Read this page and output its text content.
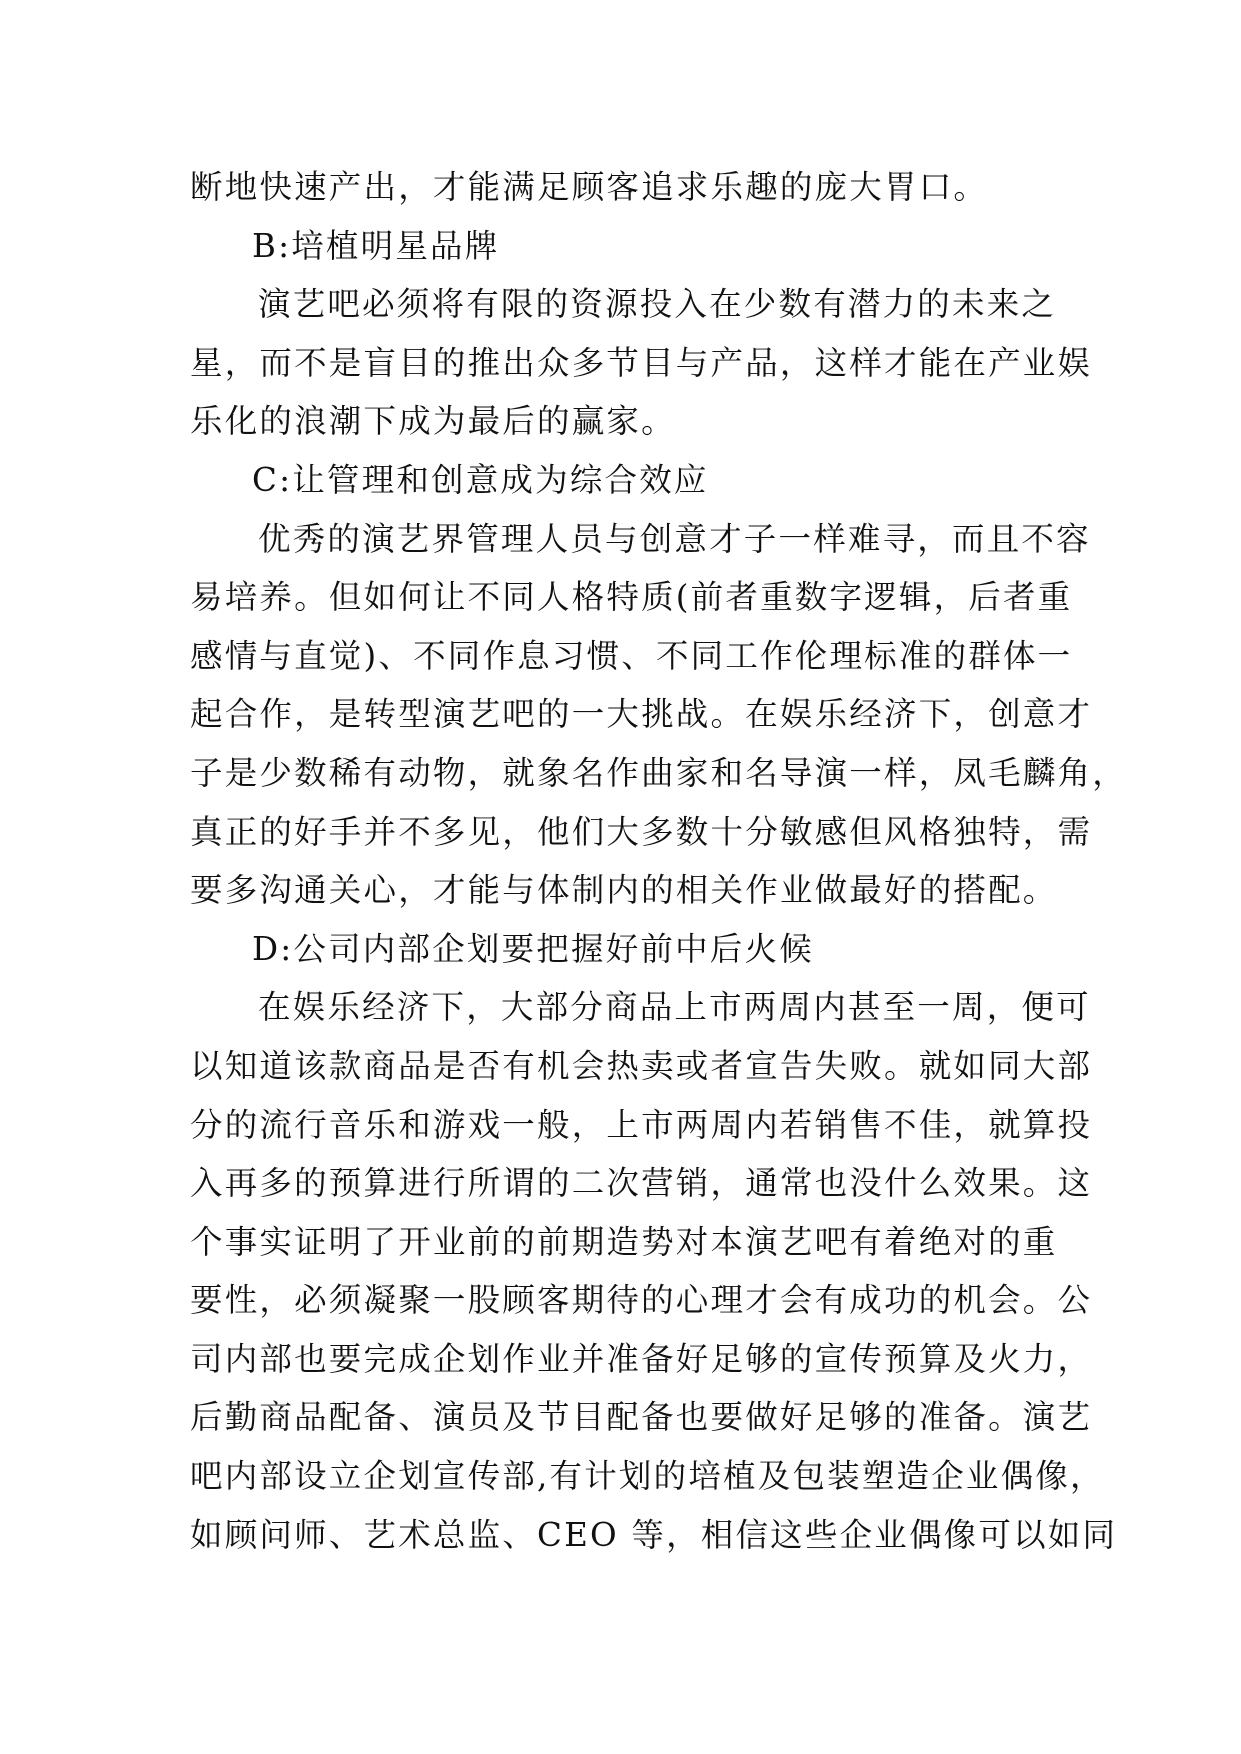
断地快速产出，才能满足顾客追求乐趣的庞大胃口。
B:培植明星品牌
演艺吧必须将有限的资源投入在少数有潜力的未来之
星，而不是盲目的推出众多节目与产品，这样才能在产业娱
乐化的浪潮下成为最后的赢家。
C:让管理和创意成为综合效应
优秀的演艺界管理人员与创意才子一样难寻，而且不容
易培养。但如何让不同人格特质(前者重数字逻辑，后者重
感情与直觉)、不同作息习惯、不同工作伦理标准的群体一
起合作，是转型演艺吧的一大挑战。在娱乐经济下，创意才
子是少数稀有动物，就象名作曲家和名导演一样，凤毛麟角，
真正的好手并不多见，他们大多数十分敏感但风格独特，需
要多沟通关心，才能与体制内的相关作业做最好的搭配。
D:公司内部企划要把握好前中后火候
在娱乐经济下，大部分商品上市两周内甚至一周，便可
以知道该款商品是否有机会热卖或者宣告失败。就如同大部
分的流行音乐和游戏一般，上市两周内若销售不佳，就算投
入再多的预算进行所谓的二次营销，通常也没什么效果。这
个事实证明了开业前的前期造势对本演艺吧有着绝对的重
要性，必须凝聚一股顾客期待的心理才会有成功的机会。公
司内部也要完成企划作业并准备好足够的宣传预算及火力，
后勤商品配备、演员及节目配备也要做好足够的准备。演艺
吧内部设立企划宣传部,有计划的培植及包装塑造企业偶像，
如顾问师、艺术总监、CEO 等，相信这些企业偶像可以如同
